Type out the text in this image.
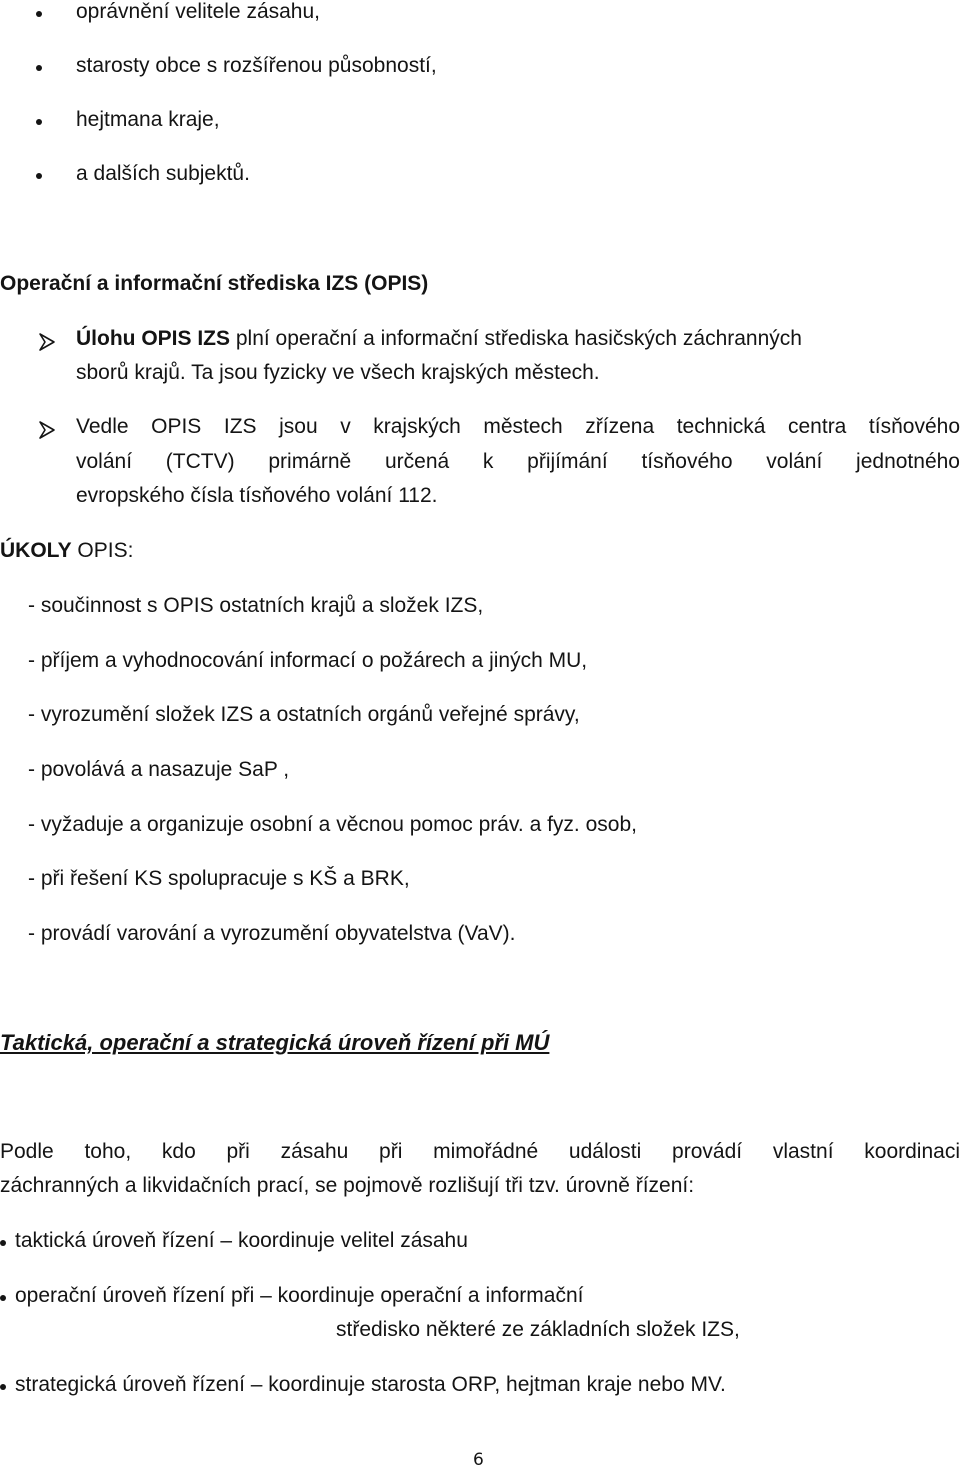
oprávnění velitele zásahu,
starosty obce s rozšířenou působností,
hejtmana kraje,
a dalších subjektů.
Operační a informační střediska IZS (OPIS)
Úlohu OPIS IZS plní operační a informační střediska hasičských záchranných
sborů krajů. Ta jsou fyzicky ve všech krajských městech.
Vedle OPIS IZS jsou v krajských městech zřízena technická centra tísňového
volání (TCTV) primárně určená k přijímání tísňového volání jednotného
evropského čísla tísňového volání 112.
ÚKOLY OPIS:
- součinnost s OPIS ostatních krajů a složek IZS,
- příjem a vyhodnocování informací o požárech a jiných MU,
- vyrozumění složek IZS a ostatních orgánů veřejné správy,
- povolává a nasazuje SaP ,
- vyžaduje a organizuje osobní a věcnou pomoc práv. a fyz. osob,
- při řešení KS spolupracuje s KŠ a BRK,
- provádí varování a vyrozumění obyvatelstva (VaV).
Taktická, operační a strategická úroveň řízení při MÚ
Podle toho, kdo při zásahu při mimořádné události provádí vlastní koordinaci
záchranných a likvidačních prací, se pojmově rozlišují tři tzv. úrovně řízení:
taktická úroveň řízení – koordinuje velitel zásahu
operační úroveň řízení při – koordinuje operační a informační
středisko některé ze základních složek IZS,
strategická úroveň řízení – koordinuje starosta ORP, hejtman kraje nebo MV.
6
